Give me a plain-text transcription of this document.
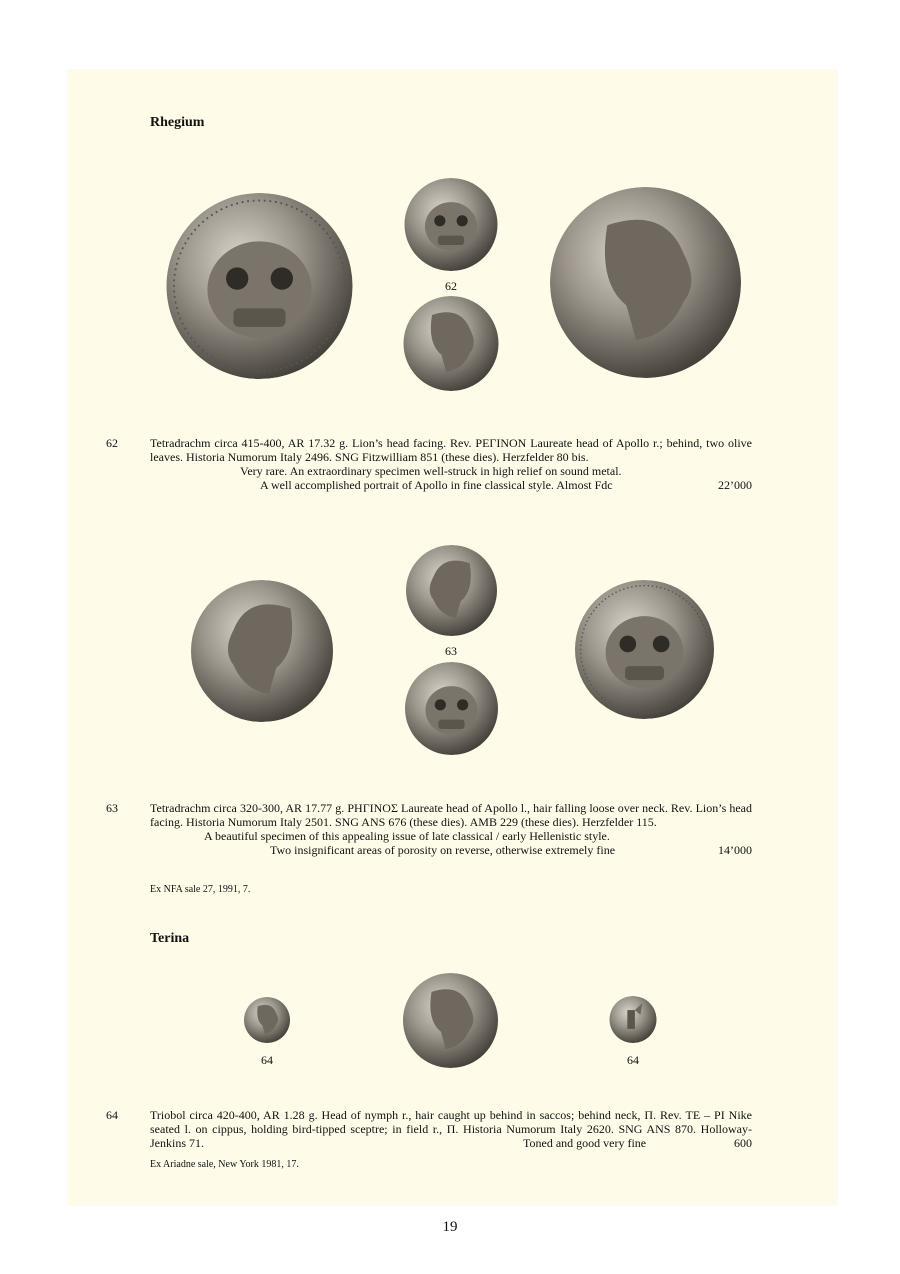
Rhegium
62
62	Tetradrachm circa 415-400, AR 17.32 g. Lion’s head facing. Rev. ΡΕΓΙΝΟΝ Laureate head of Apollo r.; behind, two olive leaves. Historia Numorum Italy 2496. SNG Fitzwilliam 851 (these dies). Herzfelder 80 bis.

Very rare. An extraordinary specimen well-struck in high relief on sound metal.
A well accomplished portrait of Apollo in fine classical style. Almost Fdc	22’000
63
63	Tetradrachm circa 320-300, AR 17.77 g. ΡΗΓΙΝΟΣ Laureate head of Apollo l., hair falling loose over neck. Rev. Lion’s head facing. Historia Numorum Italy 2501. SNG ANS 676 (these dies). AMB 229 (these dies). Herzfelder 115.

A beautiful specimen of this appealing issue of late classical / early Hellenistic style.
Two insignificant areas of porosity on reverse, otherwise extremely fine	14’000
Ex NFA sale 27, 1991, 7.
Terina
64	64
64	Triobol circa 420-400, AR 1.28 g. Head of nymph r., hair caught up behind in saccos; behind neck, Π. Rev. ΤΕ – ΡΙ Nike seated l. on cippus, holding bird-tipped sceptre; in field r., Π. Historia Numorum Italy 2620. SNG ANS 870. Holloway-Jenkins 71.	Toned and good very fine	600
Ex Ariadne sale, New York 1981, 17.
19
